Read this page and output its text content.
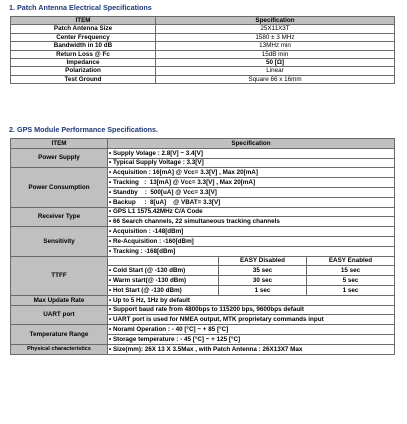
1. Patch Antenna Electrical Specifications
ITEM	Specification
Patch Antenna Size	25X11X3T
Center Frequency	1580 ± 3 MHz
Bandwidth in 10 dB	13MHz min
Return Loss @ Fc	15dB min
Impedance	50 [Ω]
Polarization	Linear
Test Ground	Square 66 x 16mm
2. GPS Module Performance Specifications.
ITEM	Specification		
Power Supply	• Supply Volage : 2.8[V] ~ 3.4[V]		
	• Typical Supply Voltage : 3.3[V]		
Power Consumption	• Acquisition : 16[mA] @ Vcc= 3.3[V] , Max 20[mA]		
	• Tracking   :  13[mA] @ Vcc= 3.3[V] , Max 20[mA]		
	• Standby    :  500[uA] @ Vcc= 3.3[V]		
	• Backup     :  8[uA]    @ VBAT= 3.3[V]		
Receiver Type	• GPS L1 1575.42MHz C/A Code		
	• 66 Search channels, 22 simultaneous tracking channels		
Sensitivity	• Acquisition : -148[dBm]		
	• Re-Acquisition : -160[dBm]		
	• Tracking : -168[dBm]		
TTFF		EASY Disabled	EASY Enabled
	• Cold Start (@ -130 dBm)	35 sec	15 sec
	• Warm start(@ -130 dBm)	30 sec	5 sec
	• Hot Start (@ -130 dBm)	1 sec	1 sec
Max Update Rate	• Up to 5 Hz, 1Hz by default		
UART port	• Support baud rate from 4800bps to 115200 bps, 9600bps default		
	• UART port is used for NMEA output, MTK proprietary commands input		
Temperature Range	• Noraml Operation : - 40 [°C] ~ + 85 [°C]		
	• Storage temperature : - 45 [°C] ~ + 125 [°C]		
Physical characteristics	• Size(mm): 26X 13 X 3.5Max , with Patch Antenna : 26X13X7 Max		
